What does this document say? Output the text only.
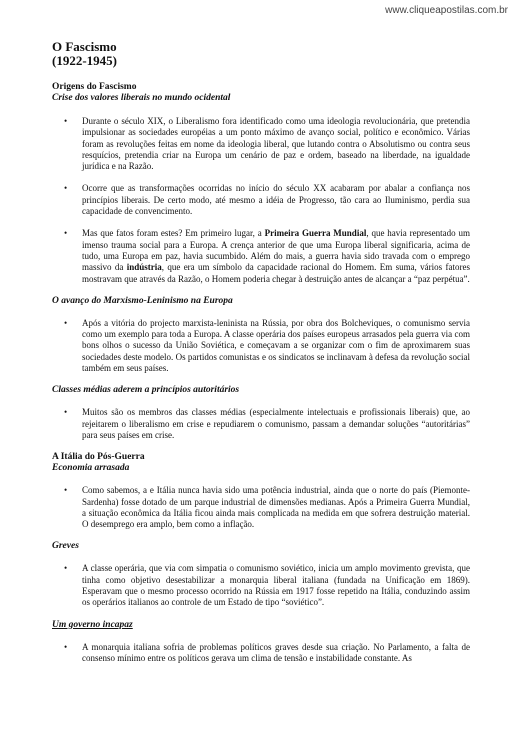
www.cliqueapostilas.com.br

O Fascismo

(1922-1945)

Origens do Fascismo

Crise dos valores liberais no mundo ocidental

• Durante o século XIX, o Liberalismo fora identificado como uma ideologia revolucionária, que pretendia impulsionar as sociedades européias a um ponto máximo de avanço social, político e econômico. Várias foram as revoluções feitas em nome da ideologia liberal, que lutando contra o Absolutismo ou contra seus resquícios, pretendia criar na Europa um cenário de paz e ordem, baseado na liberdade, na igualdade jurídica e na Razão.
• Ocorre que as transformações ocorridas no início do século XX acabaram por abalar a confiança nos princípios liberais. De certo modo, até mesmo a idéia de Progresso, tão cara ao Iluminismo, perdia sua capacidade de convencimento.
• Mas que fatos foram estes? Em primeiro lugar, a Primeira Guerra Mundial, que havia representado um imenso trauma social para a Europa. A crença anterior de que uma Europa liberal significaria, acima de tudo, uma Europa em paz, havia sucumbido. Além do mais, a guerra havia sido travada com o emprego massivo da indústria, que era um símbolo da capacidade racional do Homem. Em suma, vários fatores mostravam que através da Razão, o Homem poderia chegar à destruição antes de alcançar a “paz perpétua”.

O avanço do Marxismo-Leninismo na Europa

• Após a vitória do projecto marxista-leninista na Rússia, por obra dos Bolcheviques, o comunismo servia como um exemplo para toda a Europa. A classe operária dos países europeus arrasados pela guerra via com bons olhos o sucesso da União Soviética, e começavam a se organizar com o fim de aproximarem suas sociedades deste modelo. Os partidos comunistas e os sindicatos se inclinavam à defesa da revolução social também em seus países.

Classes médias aderem a princípios autoritários

• Muitos são os membros das classes médias (especialmente intelectuais e profissionais liberais) que, ao rejeitarem o liberalismo em crise e repudiarem o comunismo, passam a demandar soluções “autoritárias” para seus países em crise.

A Itália do Pós-Guerra

Economia arrasada

• Como sabemos, a e Itália nunca havia sido uma potência industrial, ainda que o norte do país (Piemonte-Sardenha) fosse dotado de um parque industrial de dimensões medianas. Após a Primeira Guerra Mundial, a situação econômica da Itália ficou ainda mais complicada na medida em que sofrera destruição material. O desemprego era amplo, bem como a inflação.

Greves

• A classe operária, que via com simpatia o comunismo soviético, inicia um amplo movimento grevista, que tinha como objetivo desestabilizar a monarquia liberal italiana (fundada na Unificação em 1869). Esperavam que o mesmo processo ocorrido na Rússia em 1917 fosse repetido na Itália, conduzindo assim os operários italianos ao controle de um Estado de tipo “soviético”.

Um governo incapaz

• A monarquia italiana sofria de problemas políticos graves desde sua criação. No Parlamento, a falta de consenso mínimo entre os políticos gerava um clima de tensão e instabilidade constante. As
